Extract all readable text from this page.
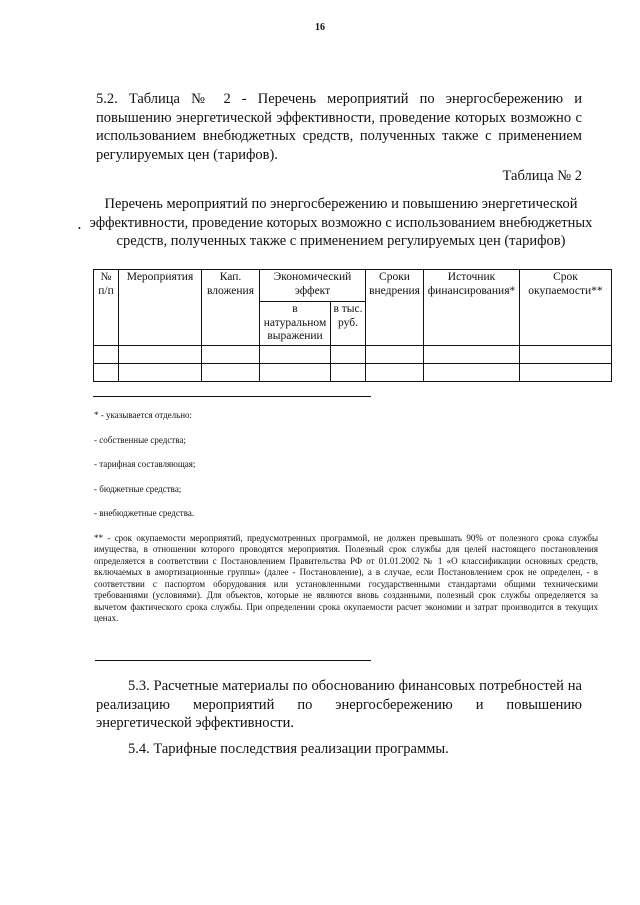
16
5.2. Таблица № 2 - Перечень мероприятий по энергосбережению и повышению энергетической эффективности, проведение которых возможно с использованием внебюджетных средств, полученных также с применением регулируемых цен (тарифов).
Таблица № 2
•
Перечень мероприятий по энергосбережению и повышению энергетической эффективности, проведение которых возможно с использованием внебюджетных средств, полученных также с применением регулируемых цен (тарифов)
№ п/п	Мероприятия	Кап. вложения	Экономический эффект		Сроки внедрения	Источник финансирования*	Срок окупаемости**
			в натуральном выражении	в тыс. руб.			

* - указывается отдельно:

- собственные средства;

- тарифная составляющая;

- бюджетные средства;

- внебюджетные средства.

** - срок окупаемости мероприятий, предусмотренных программой, не должен превышать 90% от полезного срока службы имущества, в отношении которого проводятся мероприятия. Полезный срок службы для целей настоящего постановления определяется в соответствии с Постановлением Правительства РФ от 01.01.2002 № 1 «О классификации основных средств, включаемых в амортизационные группы» (далее - Постановление), а в случае, если Постановлением срок не определен, - в соответствии с паспортом оборудования или установленными государственными стандартами общими техническими требованиями (условиями). Для объектов, которые не являются вновь созданными, полезный срок службы определяется за вычетом фактического срока службы. При определении срока окупаемости расчет экономии и затрат производится в текущих ценах.

5.3. Расчетные материалы по обоснованию финансовых потребностей на реализацию мероприятий по энергосбережению и повышению энергетической эффективности.
5.4. Тарифные последствия реализации программы.
